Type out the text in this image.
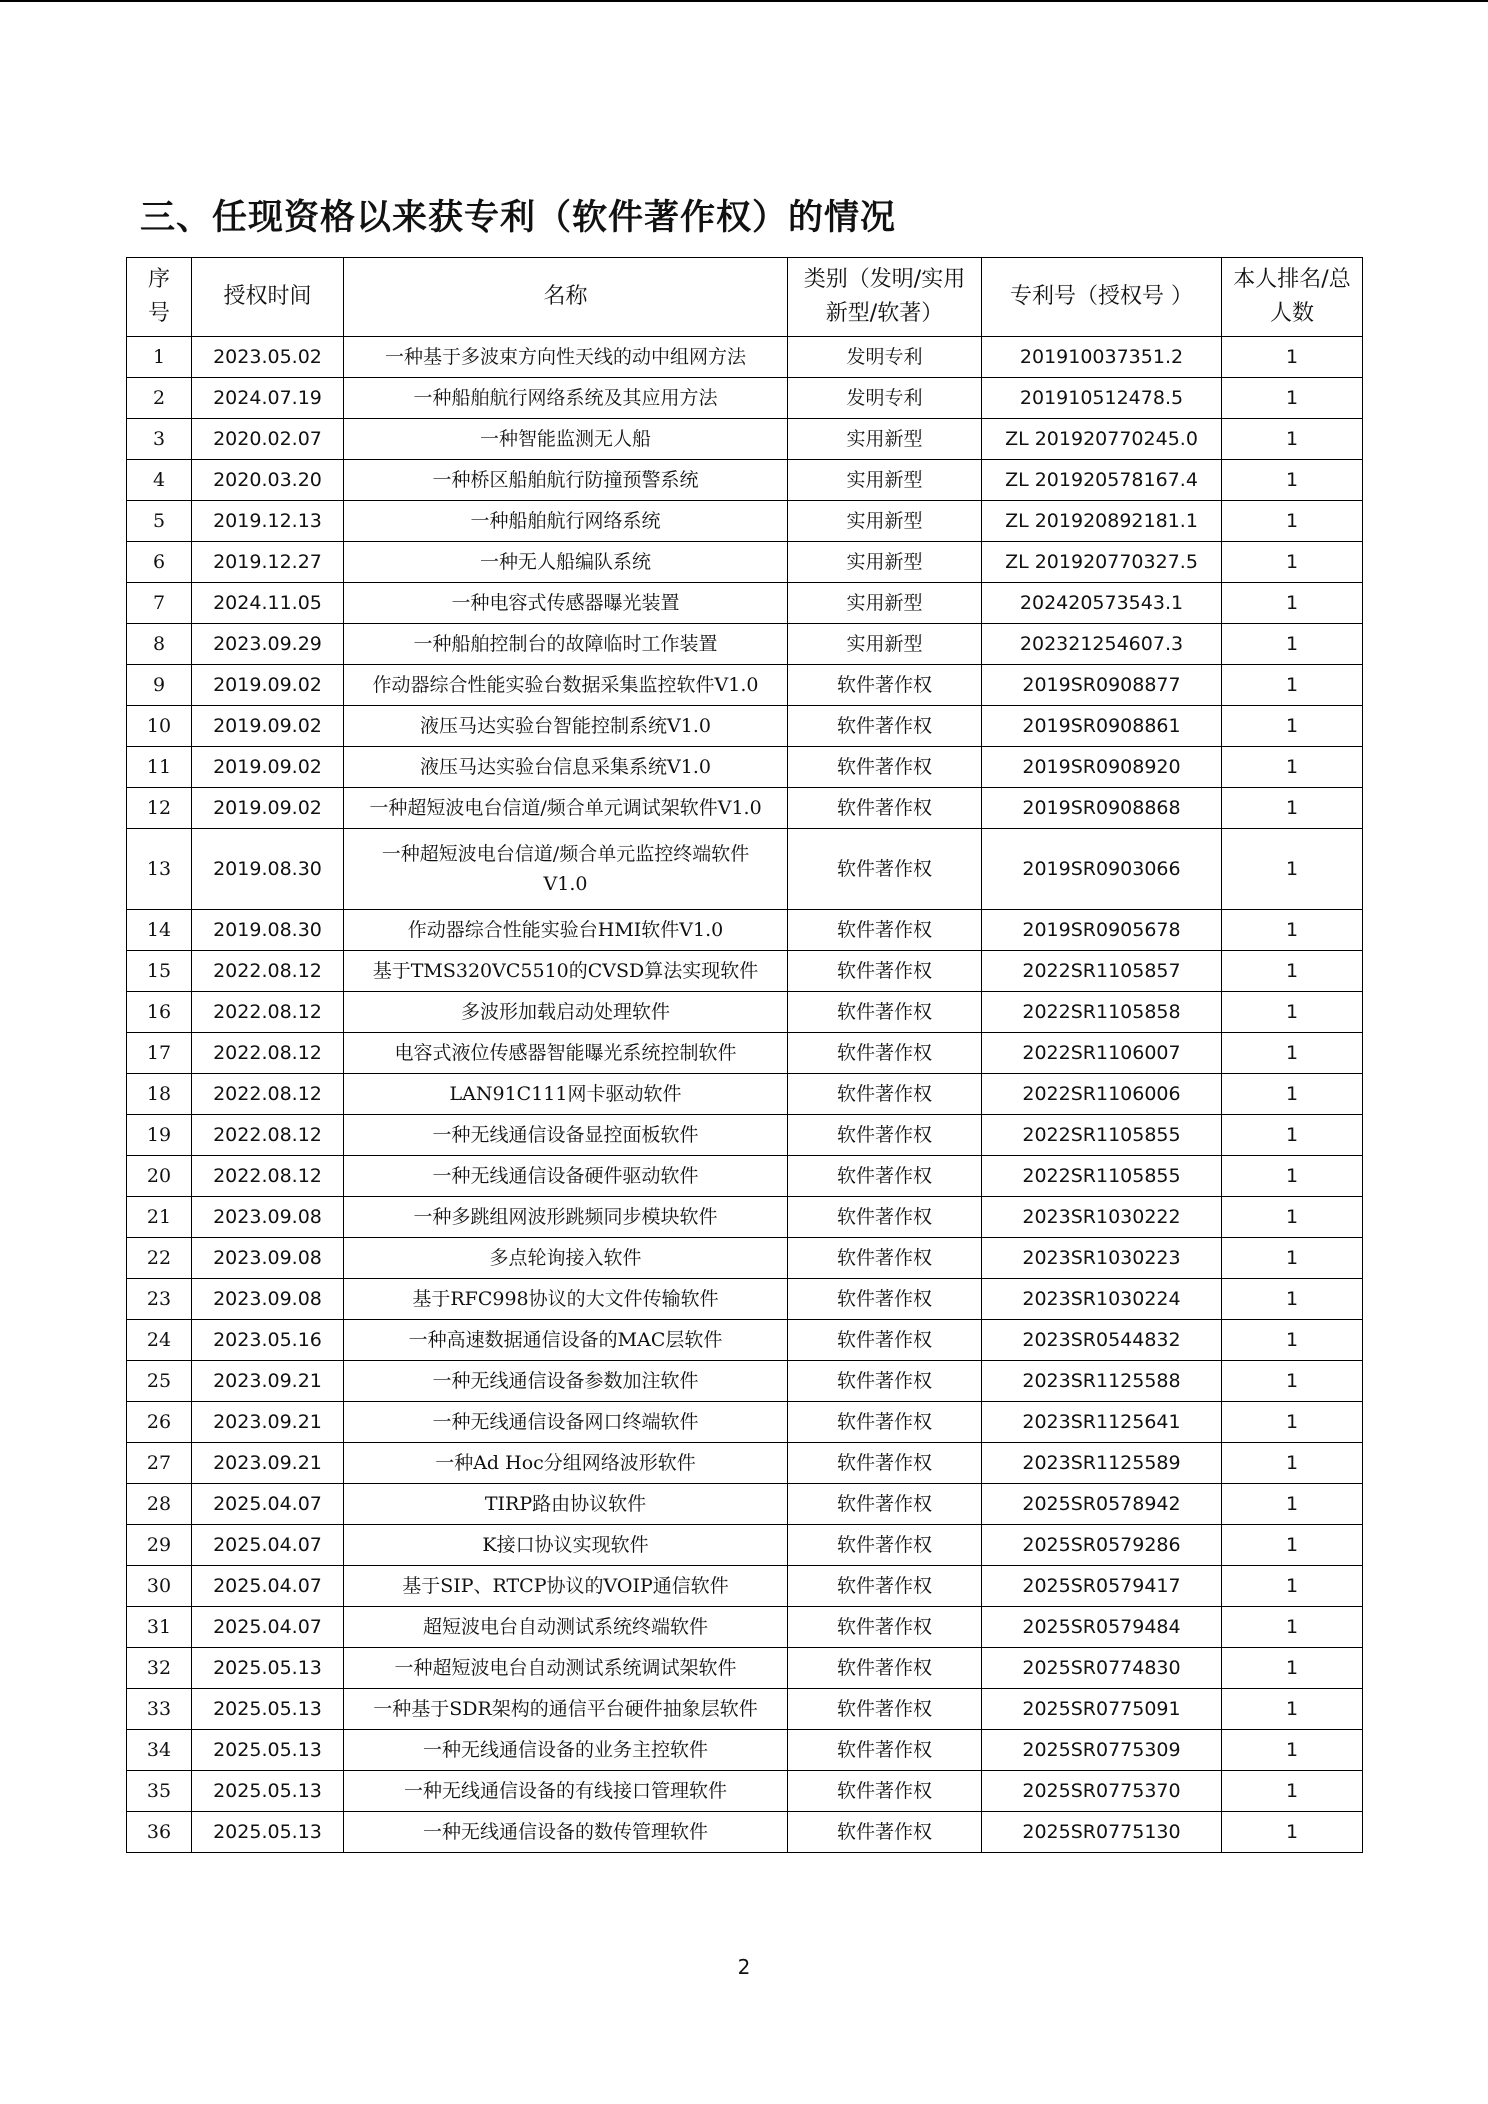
三、任现资格以来获专利（软件著作权）的情况
序号	授权时间	名称	类别（发明/实用新型/软著）	专利号（授权号 ）	本人排名/总人数
1	2023.05.02	一种基于多波束方向性天线的动中组网方法	发明专利	201910037351.2	1
2	2024.07.19	一种船舶航行网络系统及其应用方法	发明专利	201910512478.5	1
3	2020.02.07	一种智能监测无人船	实用新型	ZL 201920770245.0	1
4	2020.03.20	一种桥区船舶航行防撞预警系统	实用新型	ZL 201920578167.4	1
5	2019.12.13	一种船舶航行网络系统	实用新型	ZL 201920892181.1	1
6	2019.12.27	一种无人船编队系统	实用新型	ZL 201920770327.5	1
7	2024.11.05	一种电容式传感器曝光装置	实用新型	202420573543.1	1
8	2023.09.29	一种船舶控制台的故障临时工作装置	实用新型	202321254607.3	1
9	2019.09.02	作动器综合性能实验台数据采集监控软件V1.0	软件著作权	2019SR0908877	1
10	2019.09.02	液压马达实验台智能控制系统V1.0	软件著作权	2019SR0908861	1
11	2019.09.02	液压马达实验台信息采集系统V1.0	软件著作权	2019SR0908920	1
12	2019.09.02	一种超短波电台信道/频合单元调试架软件V1.0	软件著作权	2019SR0908868	1
13	2019.08.30	一种超短波电台信道/频合单元监控终端软件V1.0	软件著作权	2019SR0903066	1
14	2019.08.30	作动器综合性能实验台HMI软件V1.0	软件著作权	2019SR0905678	1
15	2022.08.12	基于TMS320VC5510的CVSD算法实现软件	软件著作权	2022SR1105857	1
16	2022.08.12	多波形加载启动处理软件	软件著作权	2022SR1105858	1
17	2022.08.12	电容式液位传感器智能曝光系统控制软件	软件著作权	2022SR1106007	1
18	2022.08.12	LAN91C111网卡驱动软件	软件著作权	2022SR1106006	1
19	2022.08.12	一种无线通信设备显控面板软件	软件著作权	2022SR1105855	1
20	2022.08.12	一种无线通信设备硬件驱动软件	软件著作权	2022SR1105855	1
21	2023.09.08	一种多跳组网波形跳频同步模块软件	软件著作权	2023SR1030222	1
22	2023.09.08	多点轮询接入软件	软件著作权	2023SR1030223	1
23	2023.09.08	基于RFC998协议的大文件传输软件	软件著作权	2023SR1030224	1
24	2023.05.16	一种高速数据通信设备的MAC层软件	软件著作权	2023SR0544832	1
25	2023.09.21	一种无线通信设备参数加注软件	软件著作权	2023SR1125588	1
26	2023.09.21	一种无线通信设备网口终端软件	软件著作权	2023SR1125641	1
27	2023.09.21	一种Ad Hoc分组网络波形软件	软件著作权	2023SR1125589	1
28	2025.04.07	TIRP路由协议软件	软件著作权	2025SR0578942	1
29	2025.04.07	K接口协议实现软件	软件著作权	2025SR0579286	1
30	2025.04.07	基于SIP、RTCP协议的VOIP通信软件	软件著作权	2025SR0579417	1
31	2025.04.07	超短波电台自动测试系统终端软件	软件著作权	2025SR0579484	1
32	2025.05.13	一种超短波电台自动测试系统调试架软件	软件著作权	2025SR0774830	1
33	2025.05.13	一种基于SDR架构的通信平台硬件抽象层软件	软件著作权	2025SR0775091	1
34	2025.05.13	一种无线通信设备的业务主控软件	软件著作权	2025SR0775309	1
35	2025.05.13	一种无线通信设备的有线接口管理软件	软件著作权	2025SR0775370	1
36	2025.05.13	一种无线通信设备的数传管理软件	软件著作权	2025SR0775130	1
2
